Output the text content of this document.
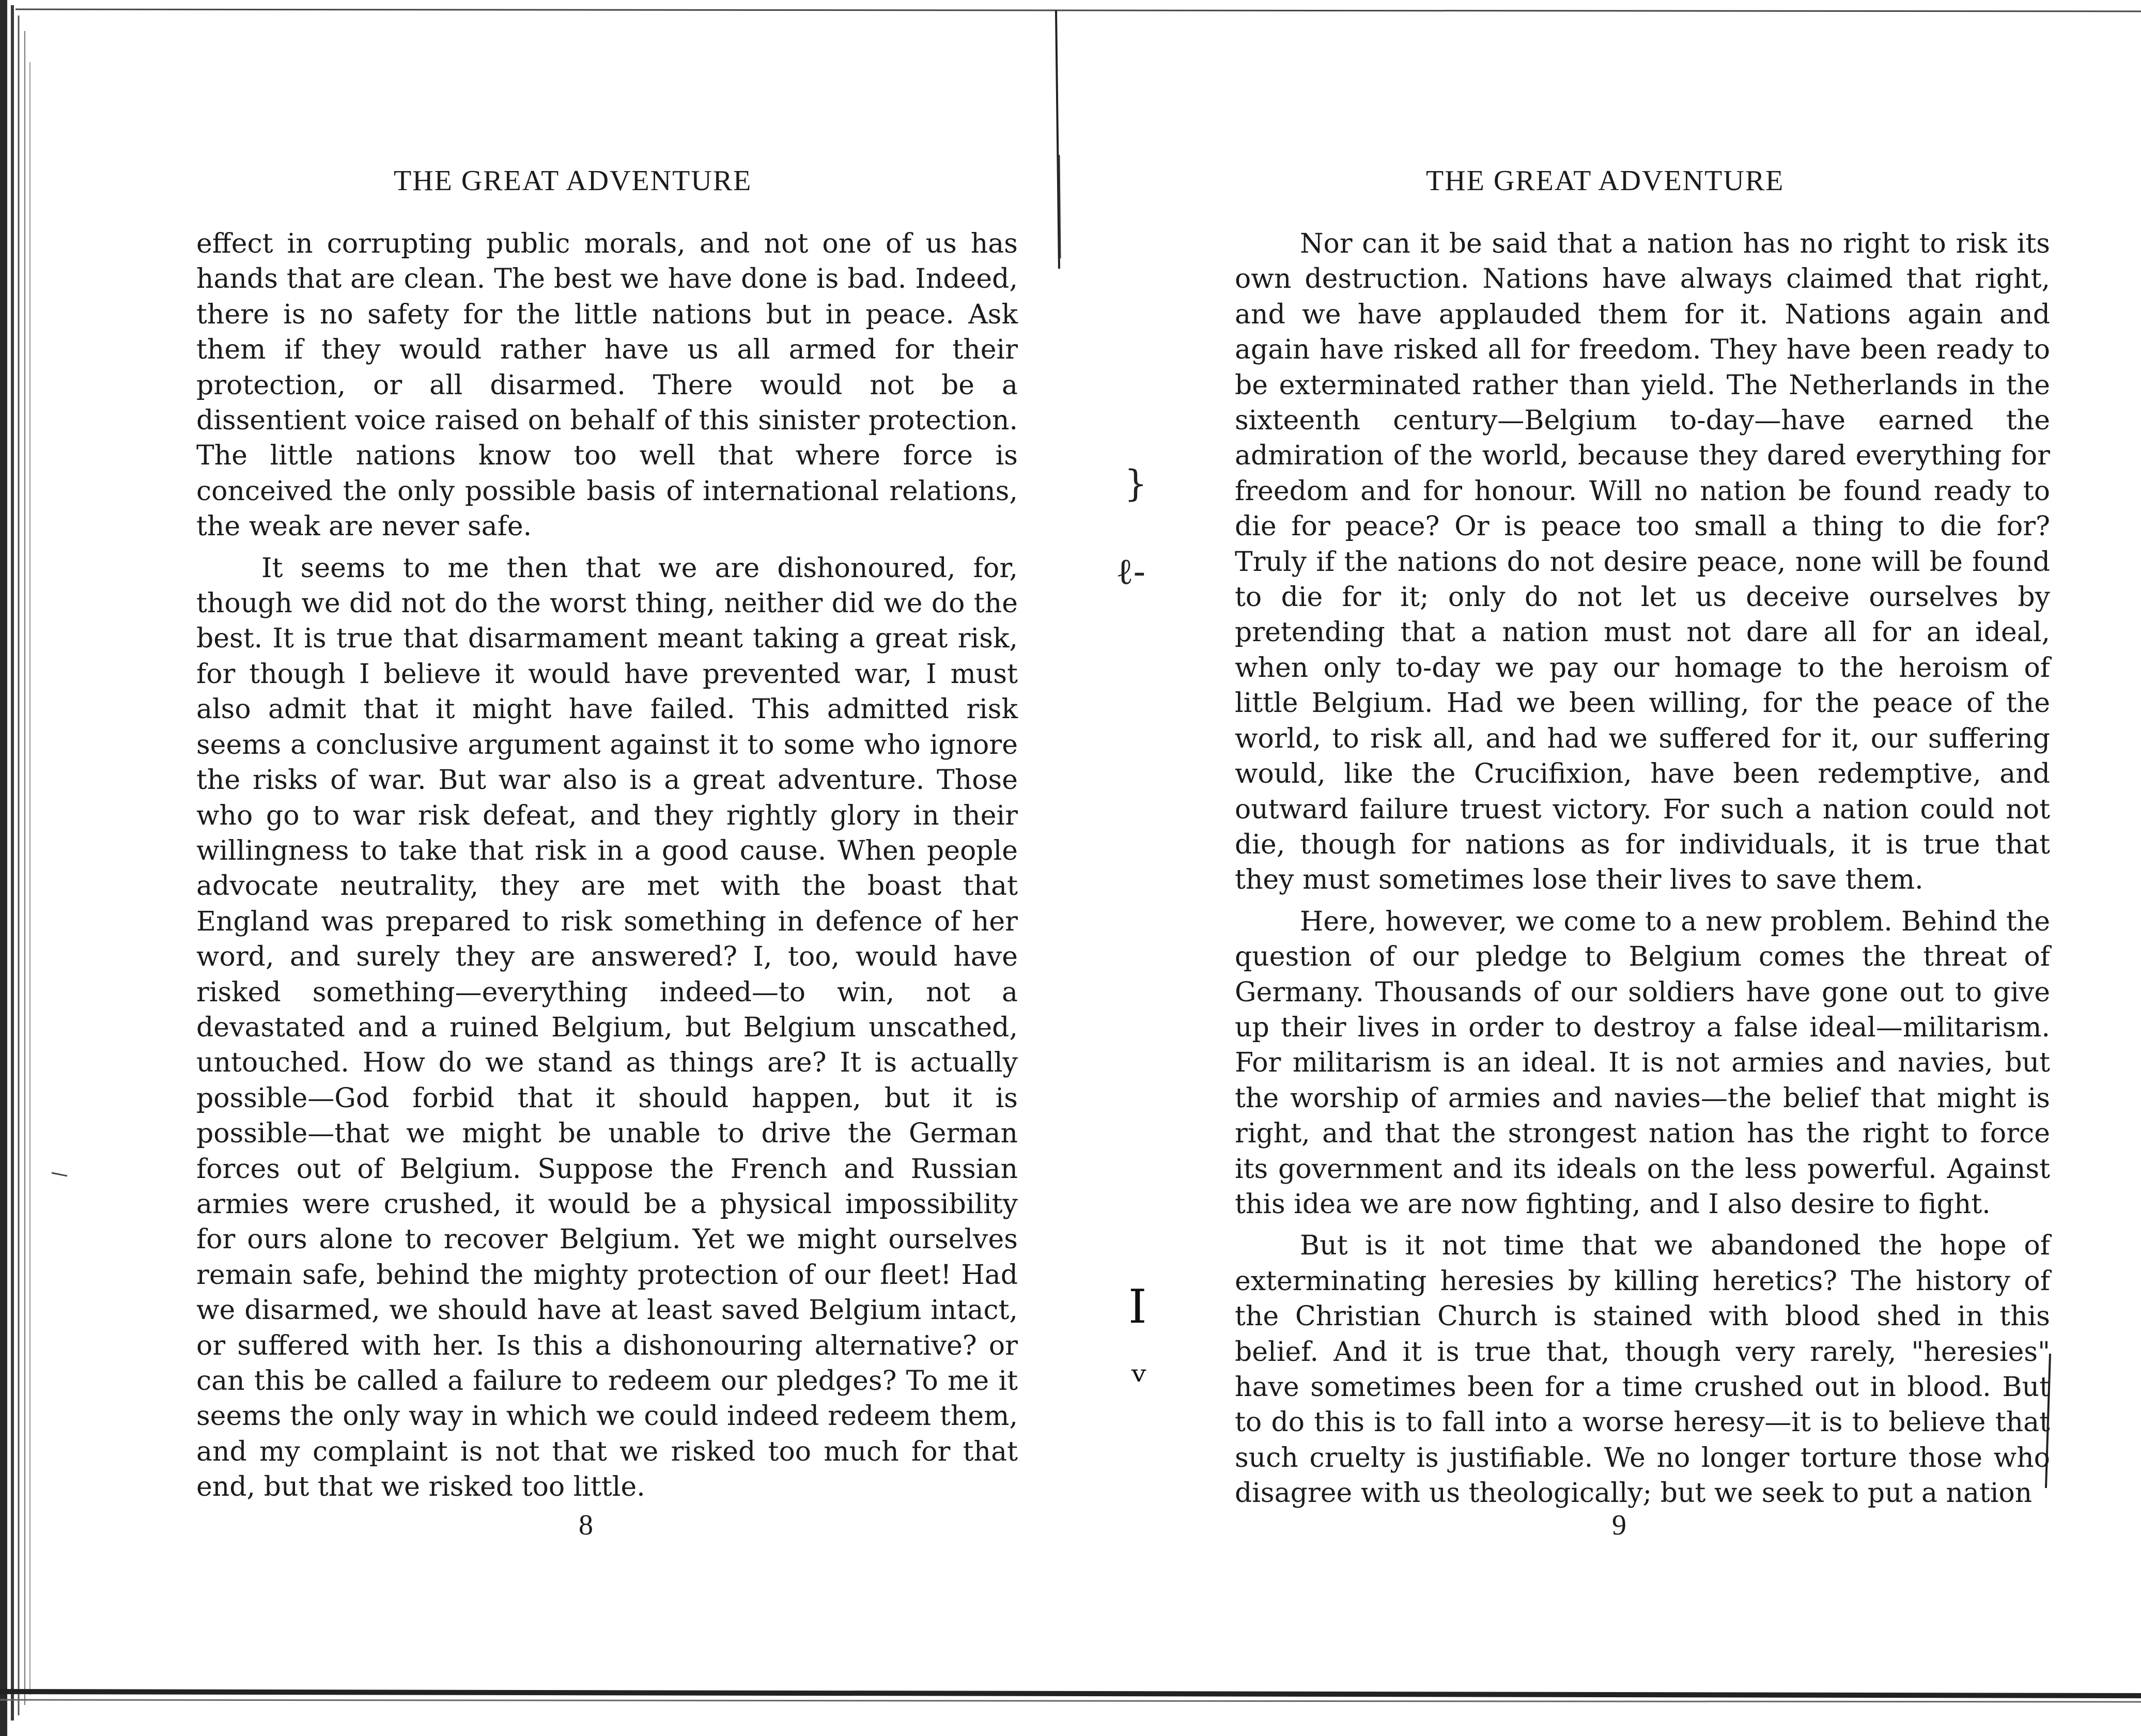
}
ℓ-
I
ᵛ
THE GREAT ADVENTURE

effect in corrupting public morals, and not one of us has hands that are clean. The best we have done is bad. Indeed, there is no safety for the little nations but in peace. Ask them if they would rather have us all armed for their protection, or all disarmed. There would not be a dissentient voice raised on behalf of this sinister protection. The little nations know too well that where force is conceived the only possible basis of international relations, the weak are never safe.

It seems to me then that we are dishonoured, for, though we did not do the worst thing, neither did we do the best. It is true that disarmament meant taking a great risk, for though I believe it would have prevented war, I must also admit that it might have failed. This admitted risk seems a conclusive argument against it to some who ignore the risks of war. But war also is a great adventure. Those who go to war risk defeat, and they rightly glory in their willingness to take that risk in a good cause. When people advocate neutrality, they are met with the boast that England was prepared to risk something in defence of her word, and surely they are answered? I, too, would have risked something—everything indeed—to win, not a devastated and a ruined Belgium, but Belgium unscathed, untouched. How do we stand as things are? It is actually possible—God forbid that it should happen, but it is possible—that we might be unable to drive the German forces out of Belgium. Suppose the French and Russian armies were crushed, it would be a physical impossibility for ours alone to recover Belgium. Yet we might ourselves remain safe, behind the mighty protection of our fleet! Had we disarmed, we should have at least saved Belgium intact, or suffered with her. Is this a dishonouring alternative? or can this be called a failure to redeem our pledges? To me it seems the only way in which we could indeed redeem them, and my complaint is not that we risked too much for that end, but that we risked too little.

8
THE GREAT ADVENTURE

Nor can it be said that a nation has no right to risk its own destruction. Nations have always claimed that right, and we have applauded them for it. Nations again and again have risked all for freedom. They have been ready to be exterminated rather than yield. The Netherlands in the sixteenth century—Belgium to-day—have earned the admiration of the world, because they dared everything for freedom and for honour. Will no nation be found ready to die for peace? Or is peace too small a thing to die for? Truly if the nations do not desire peace, none will be found to die for it; only do not let us deceive ourselves by pretending that a nation must not dare all for an ideal, when only to-day we pay our homage to the heroism of little Belgium. Had we been willing, for the peace of the world, to risk all, and had we suffered for it, our suffering would, like the Crucifixion, have been redemptive, and outward failure truest victory. For such a nation could not die, though for nations as for individuals, it is true that they must sometimes lose their lives to save them.

Here, however, we come to a new problem. Behind the question of our pledge to Belgium comes the threat of Germany. Thousands of our soldiers have gone out to give up their lives in order to destroy a false ideal—militarism. For militarism is an ideal. It is not armies and navies, but the worship of armies and navies—the belief that might is right, and that the strongest nation has the right to force its government and its ideals on the less powerful. Against this idea we are now fighting, and I also desire to fight.

But is it not time that we abandoned the hope of exterminating heresies by killing heretics? The history of the Christian Church is stained with blood shed in this belief. And it is true that, though very rarely, "heresies" have sometimes been for a time crushed out in blood. But to do this is to fall into a worse heresy—it is to believe that such cruelty is justifiable. We no longer torture those who disagree with us theologically; but we seek to put a nation

9
